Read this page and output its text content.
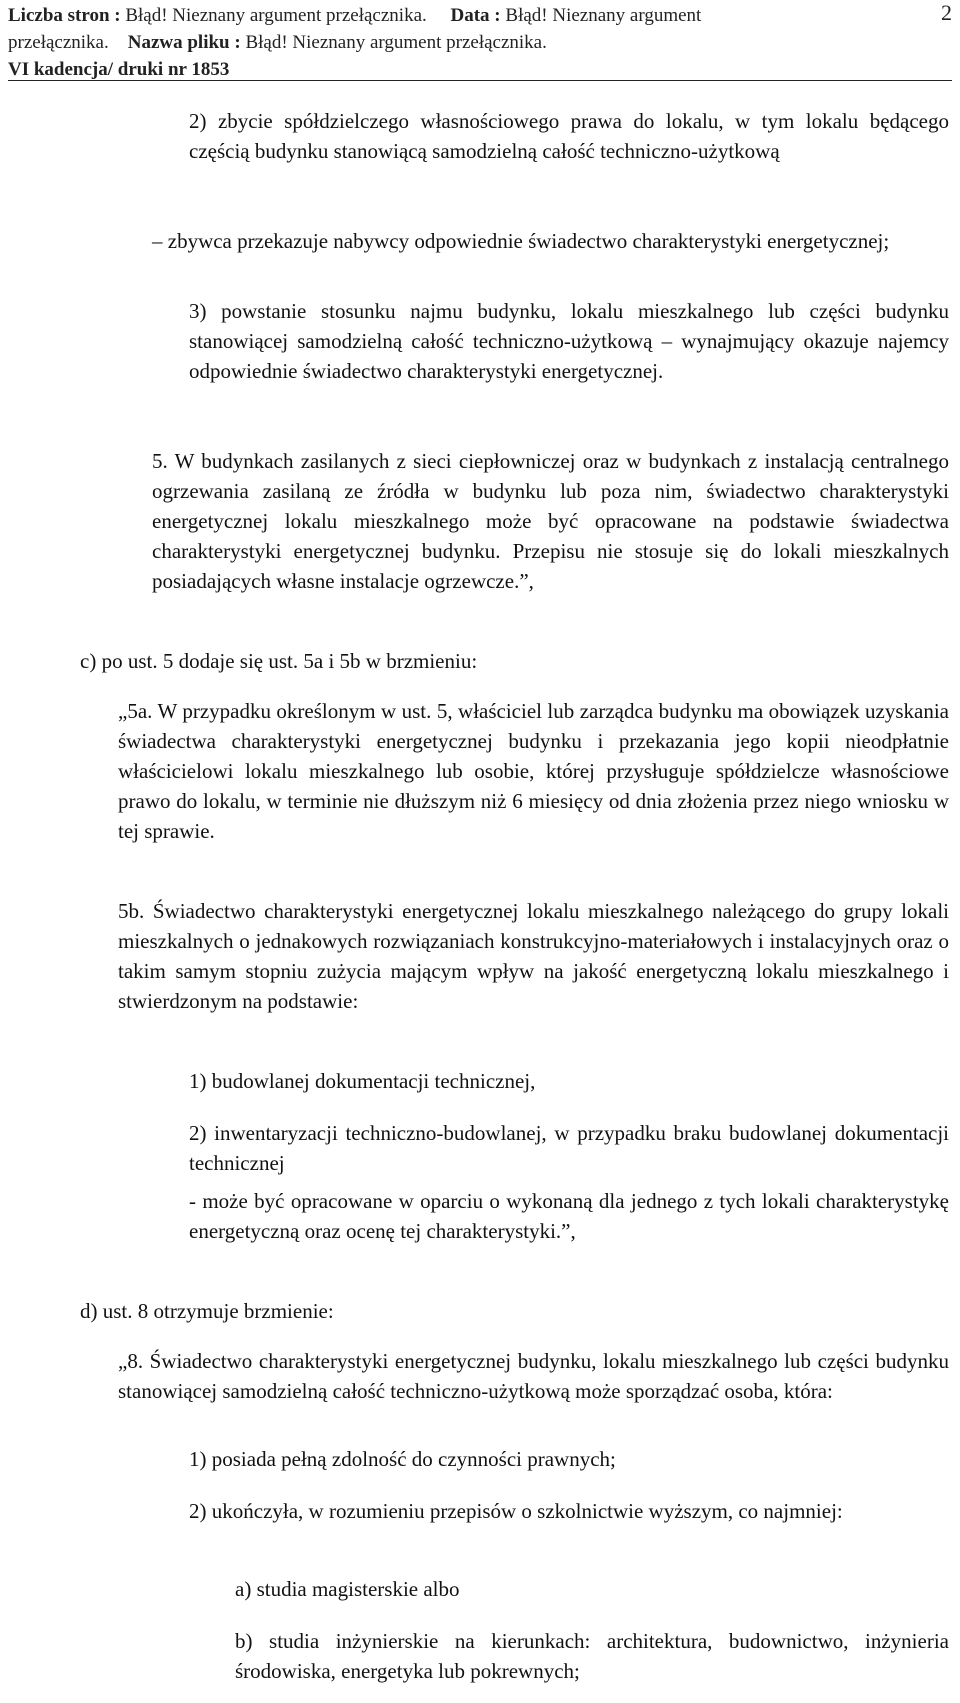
Liczba stron : Błąd! Nieznany argument przełącznika. Data : Błąd! Nieznany argument
przełącznika. Nazwa pliku : Błąd! Nieznany argument przełącznika.
VI kadencja/ druki nr 1853
2
2) zbycie spółdzielczego własnościowego prawa do lokalu, w tym lokalu będącego częścią budynku stanowiącą samodzielną całość techniczno-użytkową
– zbywca przekazuje nabywcy odpowiednie świadectwo charakterystyki energetycznej;
3) powstanie stosunku najmu budynku, lokalu mieszkalnego lub części budynku stanowiącej samodzielną całość techniczno-użytkową – wynajmujący okazuje najemcy odpowiednie świadectwo charakterystyki energetycznej.
5. W budynkach zasilanych z sieci ciepłowniczej oraz w budynkach z instalacją centralnego ogrzewania zasilaną ze źródła w budynku lub poza nim, świadectwo charakterystyki energetycznej lokalu mieszkalnego może być opracowane na podstawie świadectwa charakterystyki energetycznej budynku. Przepisu nie stosuje się do lokali mieszkalnych posiadających własne instalacje ogrzewcze.”,
c) po ust. 5 dodaje się ust. 5a i 5b w brzmieniu:
„5a. W przypadku określonym w ust. 5, właściciel lub zarządca budynku ma obowiązek uzyskania świadectwa charakterystyki energetycznej budynku i przekazania jego kopii nieodpłatnie właścicielowi lokalu mieszkalnego lub osobie, której przysługuje spółdzielcze własnościowe prawo do lokalu, w terminie nie dłuższym niż 6 miesięcy od dnia złożenia przez niego wniosku w tej sprawie.
5b. Świadectwo charakterystyki energetycznej lokalu mieszkalnego należącego do grupy lokali mieszkalnych o jednakowych rozwiązaniach konstrukcyjno-materiałowych i instalacyjnych oraz o takim samym stopniu zużycia mającym wpływ na jakość energetyczną lokalu mieszkalnego i stwierdzonym na podstawie:
1) budowlanej dokumentacji technicznej,
2) inwentaryzacji techniczno-budowlanej, w przypadku braku budowlanej dokumentacji technicznej
- może być opracowane w oparciu o wykonaną dla jednego z tych lokali charakterystykę energetyczną oraz ocenę tej charakterystyki.”,
d) ust. 8 otrzymuje brzmienie:
„8. Świadectwo charakterystyki energetycznej budynku, lokalu mieszkalnego lub części budynku stanowiącej samodzielną całość techniczno-użytkową może sporządzać osoba, która:
1) posiada pełną zdolność do czynności prawnych;
2) ukończyła, w rozumieniu przepisów o szkolnictwie wyższym, co najmniej:
a) studia magisterskie albo
b) studia inżynierskie na kierunkach: architektura, budownictwo, inżynieria środowiska, energetyka lub pokrewnych;
